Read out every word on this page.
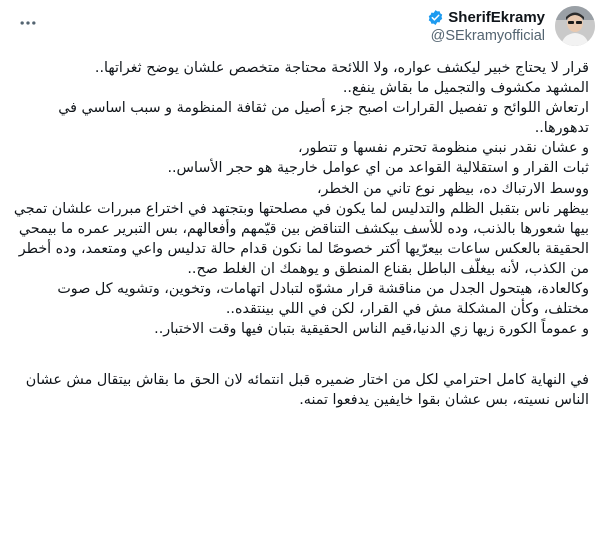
SherifEkramy
@SEkramyofficial

قرار لا يحتاج خبير ليكشف عواره، ولا اللائحة محتاجة متخصص علشان يوضح ثغراتها..
المشهد مكشوف والتجميل ما بقاش ينفع..
ارتعاش اللوائح و تفصيل القرارات اصبح جزء أصيل من ثقافة المنظومة و سبب اساسي في تدهورها..
و عشان نقدر نبني منظومة تحترم نفسها و تتطور،
ثبات القرار و استقلالية القواعد من اي عوامل خارجية هو حجر الأساس..
ووسط الارتباك ده، بيظهر نوع تاني من الخطر،
بيظهر ناس بتقبل الظلم والتدليس لما يكون في مصلحتها وبتجتهد في اختراع مبررات علشان تمجي بيها شعورها بالذنب، وده للأسف بيكشف التناقض بين قيّمهم وأفعالهم، بس التبرير عمره ما بيمحي الحقيقة بالعكس ساعات بيعرّيها أكتر خصوصًا لما نكون قدام حالة تدليس واعي ومتعمد، وده أخطر من الكذب، لأنه بيغلّف الباطل بقناع المنطق و يوهمك ان الغلط صح..
وكالعادة، هيتحول الجدل من مناقشة قرار مشوّه لتبادل اتهامات، وتخوين، وتشويه كل صوت مختلف، وكأن المشكلة مش في القرار، لكن في اللي بينتقده..
و عموماً الكورة زيها زي الدنيا،قيم الناس الحقيقية بتبان فيها وقت الاختبار..

في النهاية كامل احترامي لكل من اختار ضميره قبل انتمائه لان الحق ما بقاش بيتقال مش عشان الناس نسيته، بس عشان بقوا خايفين يدفعوا تمنه.
